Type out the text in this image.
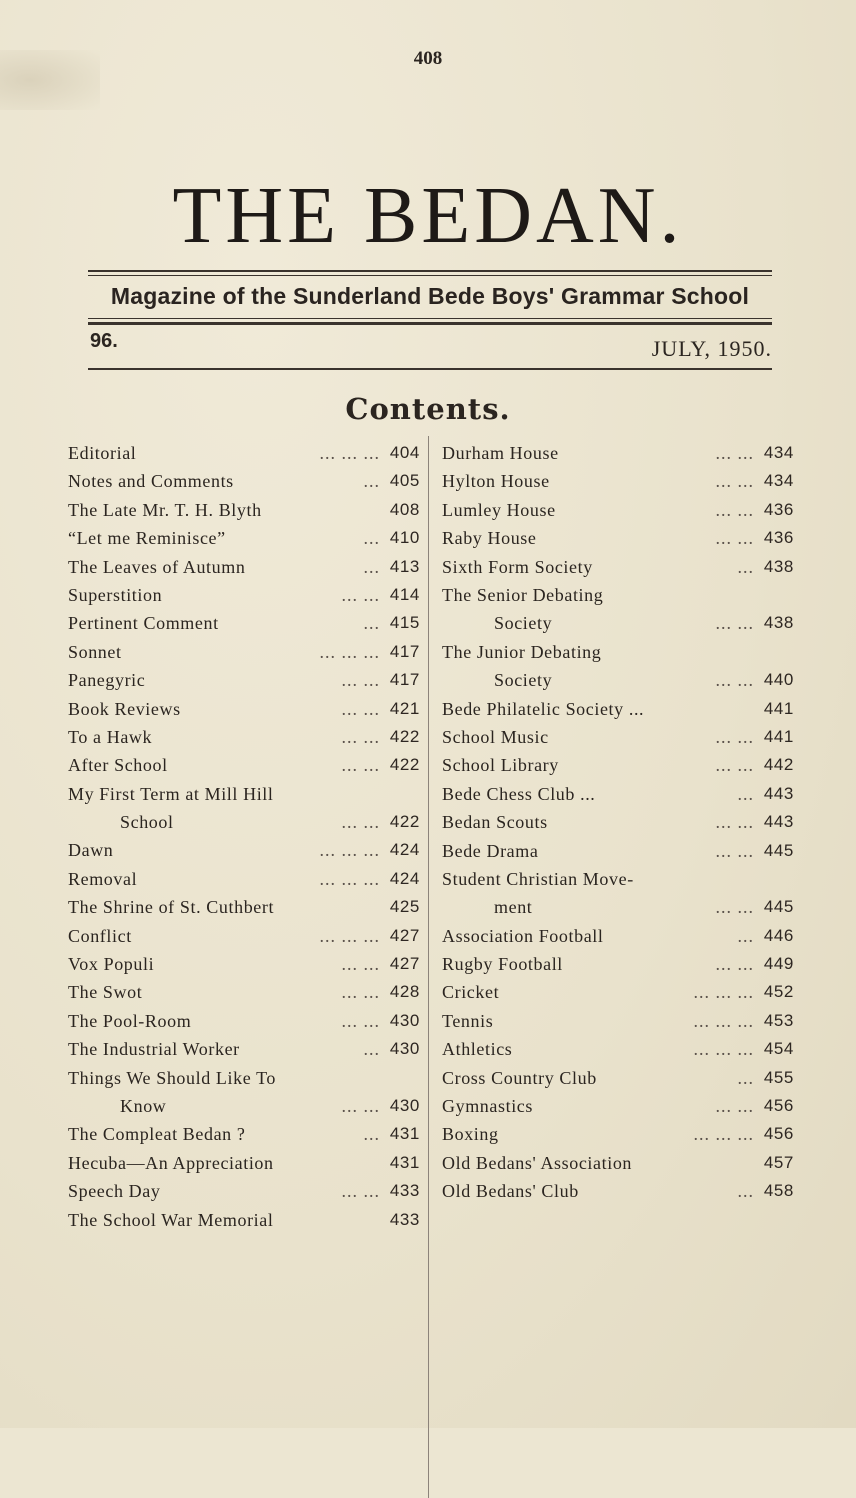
408
THE BEDAN.
Magazine of the Sunderland Bede Boys' Grammar School
96.	JULY, 1950.
Contents.
Editorial	... ... ... 404
Notes and Comments	... 405
The Late Mr. T. H. Blyth	408
“Let me Reminisce”	... 410
The Leaves of Autumn	... 413
Superstition	... ... 414
Pertinent Comment	... 415
Sonnet	... ... ... 417
Panegyric	... ... 417
Book Reviews	... ... 421
To a Hawk	... ... 422
After School	... ... 422
My First Term at Mill Hill
School	... ... 422
Dawn	... ... ... 424
Removal	... ... ... 424
The Shrine of St. Cuthbert	425
Conflict	... ... ... 427
Vox Populi	... ... 427
The Swot	... ... 428
The Pool-Room	... ... 430
The Industrial Worker	... 430
Things We Should Like To
Know	... ... 430
The Compleat Bedan ?	... 431
Hecuba—An Appreciation	431
Speech Day	... ... 433
The School War Memorial	433
Durham House	... ... 434
Hylton House	... ... 434
Lumley House	... ... 436
Raby House	... ... 436
Sixth Form Society	... 438
The Senior Debating
Society	... ... 438
The Junior Debating
Society	... ... 440
Bede Philatelic Society ...	441
School Music	... ... 441
School Library	... ... 442
Bede Chess Club ...	... 443
Bedan Scouts	... ... 443
Bede Drama	... ... 445
Student Christian Move-
ment	... ... 445
Association Football	... 446
Rugby Football	... ... 449
Cricket	... ... ... 452
Tennis	... ... ... 453
Athletics	... ... ... 454
Cross Country Club	... 455
Gymnastics	... ... 456
Boxing	... ... ... 456
Old Bedans' Association	457
Old Bedans' Club	... 458
